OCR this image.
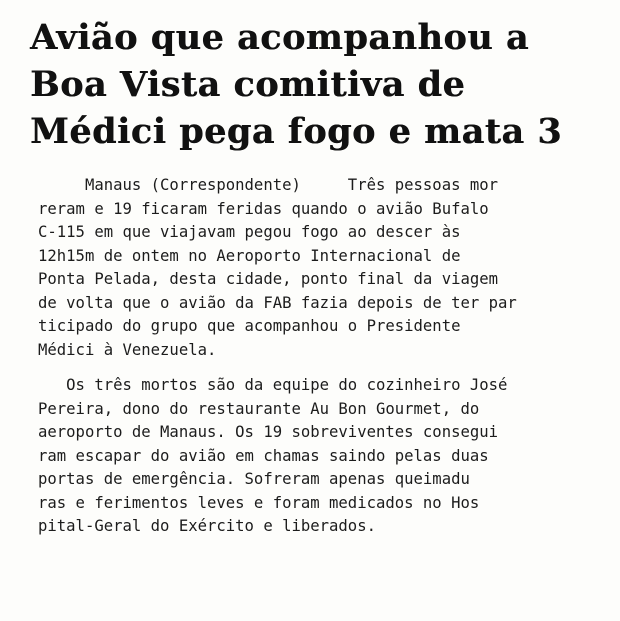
Avião que acompanhou a
Boa Vista comitiva de
Médici pega fogo e mata 3
Manaus (Correspondente)     Três pessoas mor
reram e 19 ficaram feridas quando o avião Bufalo
C-115 em que viajavam pegou fogo ao descer às
12h15m de ontem no Aeroporto Internacional de
Ponta Pelada, desta cidade, ponto final da viagem
de volta que o avião da FAB fazia depois de ter par
ticipado do grupo que acompanhou o Presidente
Médici à Venezuela.
Os três mortos são da equipe do cozinheiro José
Pereira, dono do restaurante Au Bon Gourmet, do
aeroporto de Manaus. Os 19 sobreviventes consegui
ram escapar do avião em chamas saindo pelas duas
portas de emergência. Sofreram apenas queimadu
ras e ferimentos leves e foram medicados no Hos
pital-Geral do Exército e liberados.
